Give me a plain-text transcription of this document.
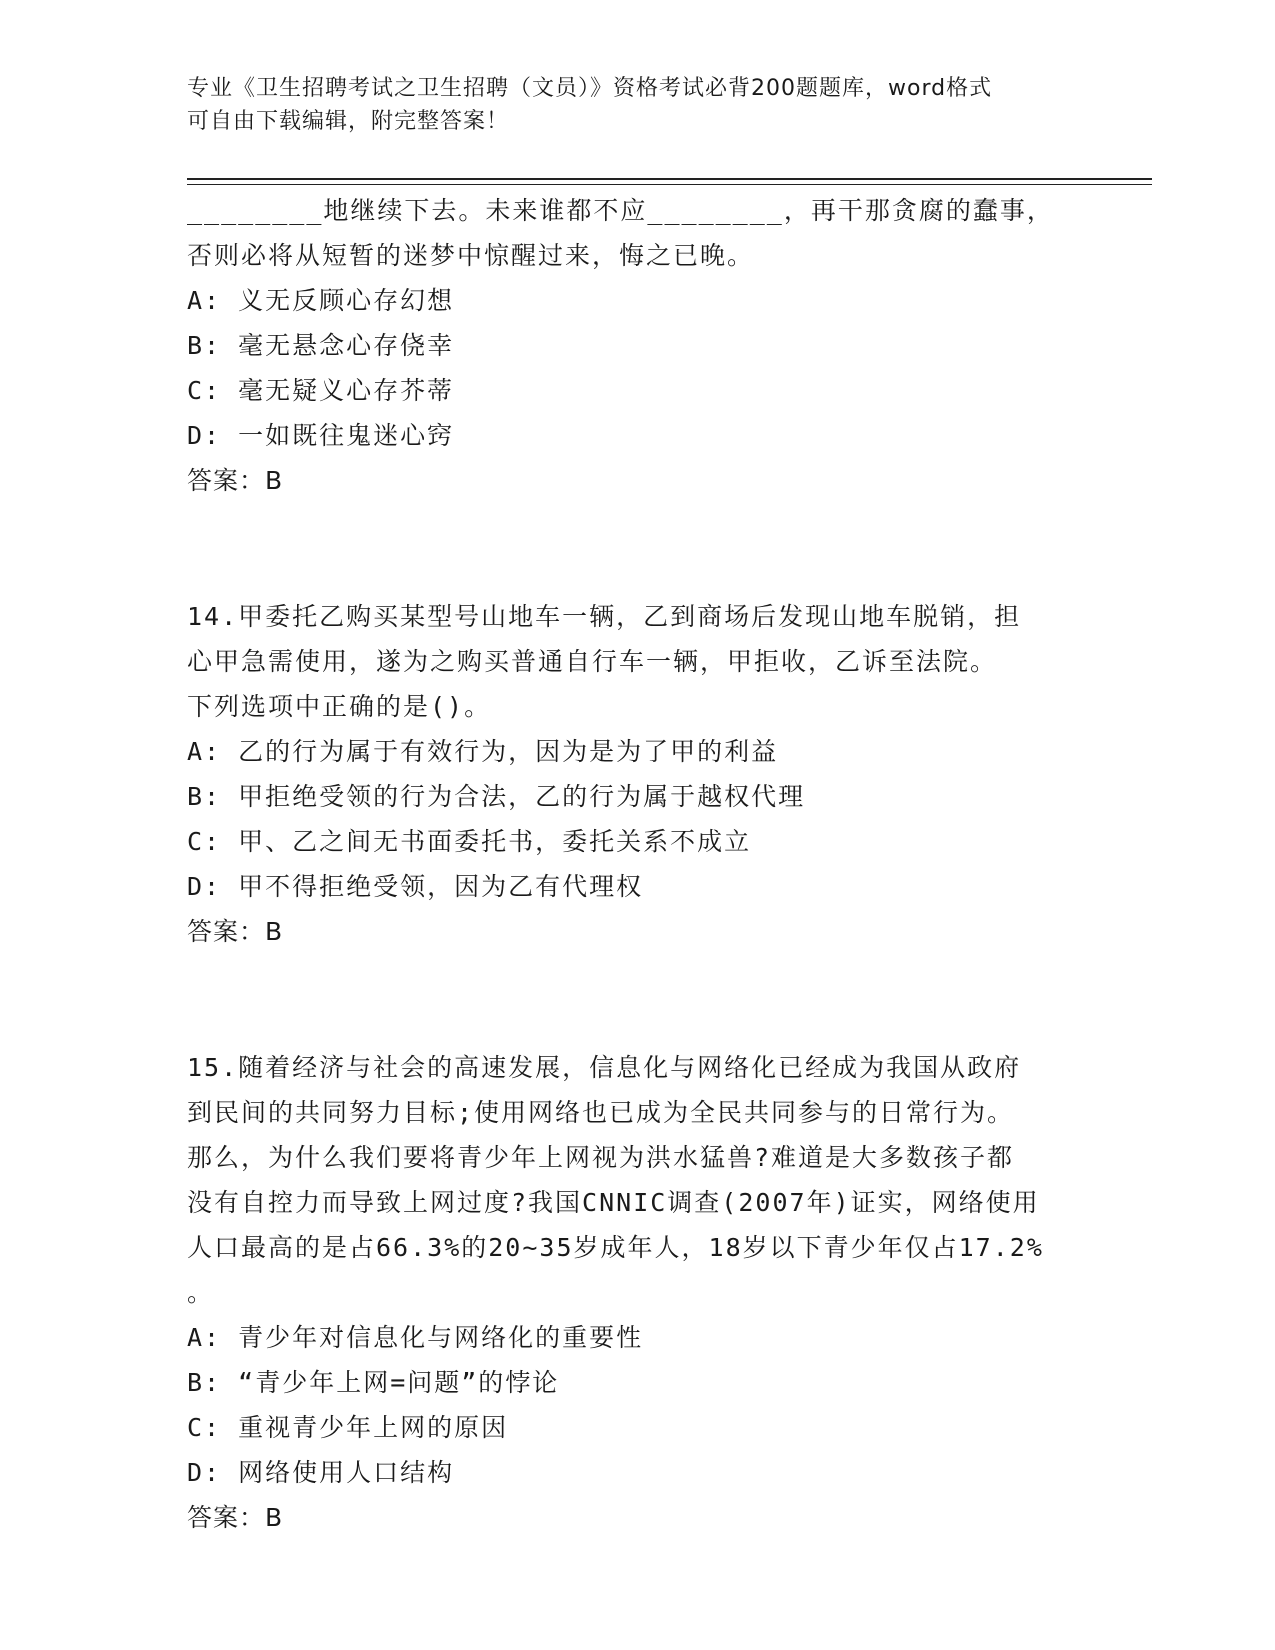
专业《卫生招聘考试之卫生招聘（文员）》资格考试必背200题题库，word格式
可自由下载编辑，附完整答案！
________地继续下去。未来谁都不应________，再干那贪腐的蠢事，
否则必将从短暂的迷梦中惊醒过来，悔之已晚。
A: 义无反顾心存幻想
B: 毫无悬念心存侥幸
C: 毫无疑义心存芥蒂
D: 一如既往鬼迷心窍
答案：B
14.甲委托乙购买某型号山地车一辆，乙到商场后发现山地车脱销，担
心甲急需使用，遂为之购买普通自行车一辆，甲拒收，乙诉至法院。
下列选项中正确的是()。
A: 乙的行为属于有效行为，因为是为了甲的利益
B: 甲拒绝受领的行为合法，乙的行为属于越权代理
C: 甲、乙之间无书面委托书，委托关系不成立
D: 甲不得拒绝受领，因为乙有代理权
答案：B
15.随着经济与社会的高速发展，信息化与网络化已经成为我国从政府
到民间的共同努力目标;使用网络也已成为全民共同参与的日常行为。
那么，为什么我们要将青少年上网视为洪水猛兽?难道是大多数孩子都
没有自控力而导致上网过度?我国CNNIC调查(2007年)证实，网络使用
人口最高的是占66.3%的20~35岁成年人，18岁以下青少年仅占17.2%
。
A: 青少年对信息化与网络化的重要性
B: “青少年上网=问题”的悖论
C: 重视青少年上网的原因
D: 网络使用人口结构
答案：B
